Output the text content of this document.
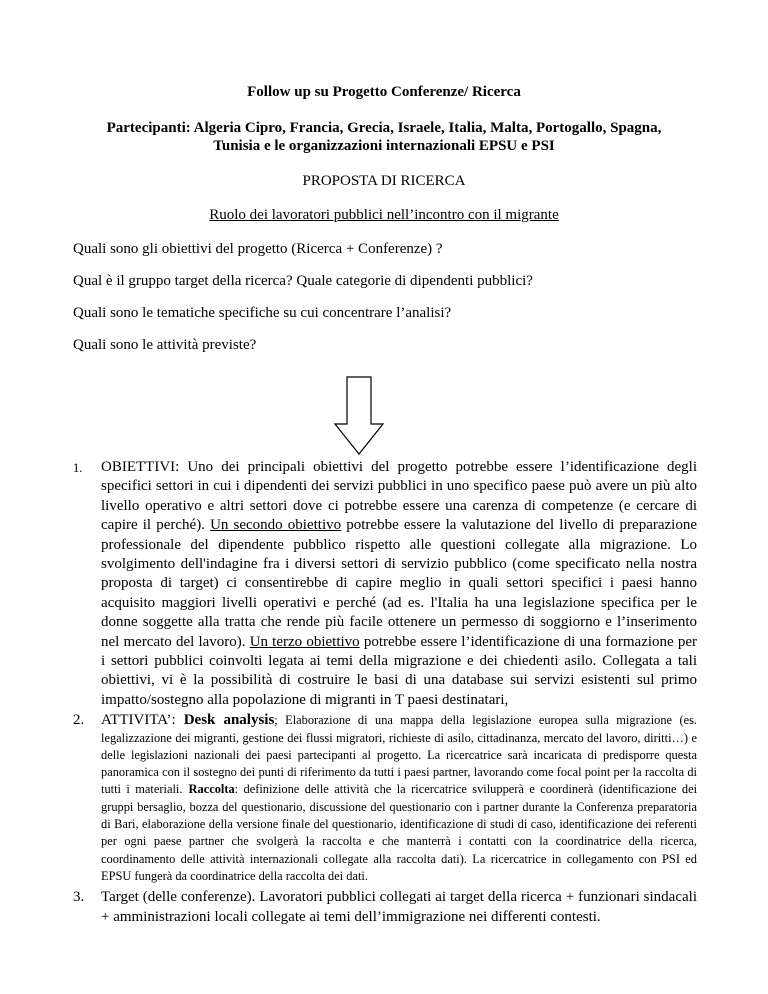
Follow up su Progetto Conferenze/ Ricerca
Partecipanti: Algeria Cipro, Francia, Grecia, Israele, Italia, Malta, Portogallo, Spagna,
Tunisia e le organizzazioni internazionali EPSU e PSI
PROPOSTA DI RICERCA
Ruolo dei lavoratori pubblici nell’incontro con il migrante
Quali sono gli obiettivi del progetto (Ricerca + Conferenze) ?
Qual è il gruppo target della ricerca? Quale categorie di dipendenti pubblici?
Quali sono le tematiche specifiche su cui concentrare l’analisi?
Quali sono le attività previste?
1. OBIETTIVI: Uno dei principali obiettivi del progetto potrebbe essere l’identificazione degli specifici settori in cui i dipendenti dei servizi pubblici in uno specifico paese può avere un più alto livello operativo e altri settori dove ci potrebbe essere una carenza di competenze (e cercare di capire il perché). Un secondo obiettivo potrebbe essere la valutazione del livello di preparazione professionale del dipendente pubblico rispetto alle questioni collegate alla migrazione. Lo svolgimento dell'indagine fra i diversi settori di servizio pubblico (come specificato nella nostra proposta di target) ci consentirebbe di capire meglio in quali settori specifici i paesi hanno acquisito maggiori livelli operativi e perché (ad es. l'Italia ha una legislazione specifica per le donne soggette alla tratta che rende più facile ottenere un permesso di soggiorno e l’inserimento nel mercato del lavoro). Un terzo obiettivo potrebbe essere l’identificazione di una formazione per i settori pubblici coinvolti legata ai temi della migrazione e dei chiedenti asilo. Collegata a tali obiettivi, vi è la possibilità di costruire le basi di una database sui servizi esistenti sul primo impatto/sostegno alla popolazione di migranti in T paesi destinatari,
2. ATTIVITA’: Desk analysis; Elaborazione di una mappa della legislazione europea sulla migrazione (es. legalizzazione dei migranti, gestione dei flussi migratori, richieste di asilo, cittadinanza, mercato del lavoro, diritti…) e delle legislazioni nazionali dei paesi partecipanti al progetto. La ricercatrice sarà incaricata di predisporre questa panoramica con il sostegno dei punti di riferimento da tutti i paesi partner, lavorando come focal point per la raccolta di tutti i materiali. Raccolta: definizione delle attività che la ricercatrice svilupperà e coordinerà (identificazione dei gruppi bersaglio, bozza del questionario, discussione del questionario con i partner durante la Conferenza preparatoria di Bari, elaborazione della versione finale del questionario, identificazione di studi di caso, identificazione dei referenti per ogni paese partner che svolgerà la raccolta e che manterrà i contatti con la coordinatrice della ricerca, coordinamento delle attività internazionali collegate alla raccolta dati). La ricercatrice in collegamento con PSI ed EPSU fungerà da coordinatrice della raccolta dei dati.
3. Target (delle conferenze). Lavoratori pubblici collegati ai target della ricerca + funzionari sindacali + amministrazioni locali collegate ai temi dell’immigrazione nei differenti contesti.
